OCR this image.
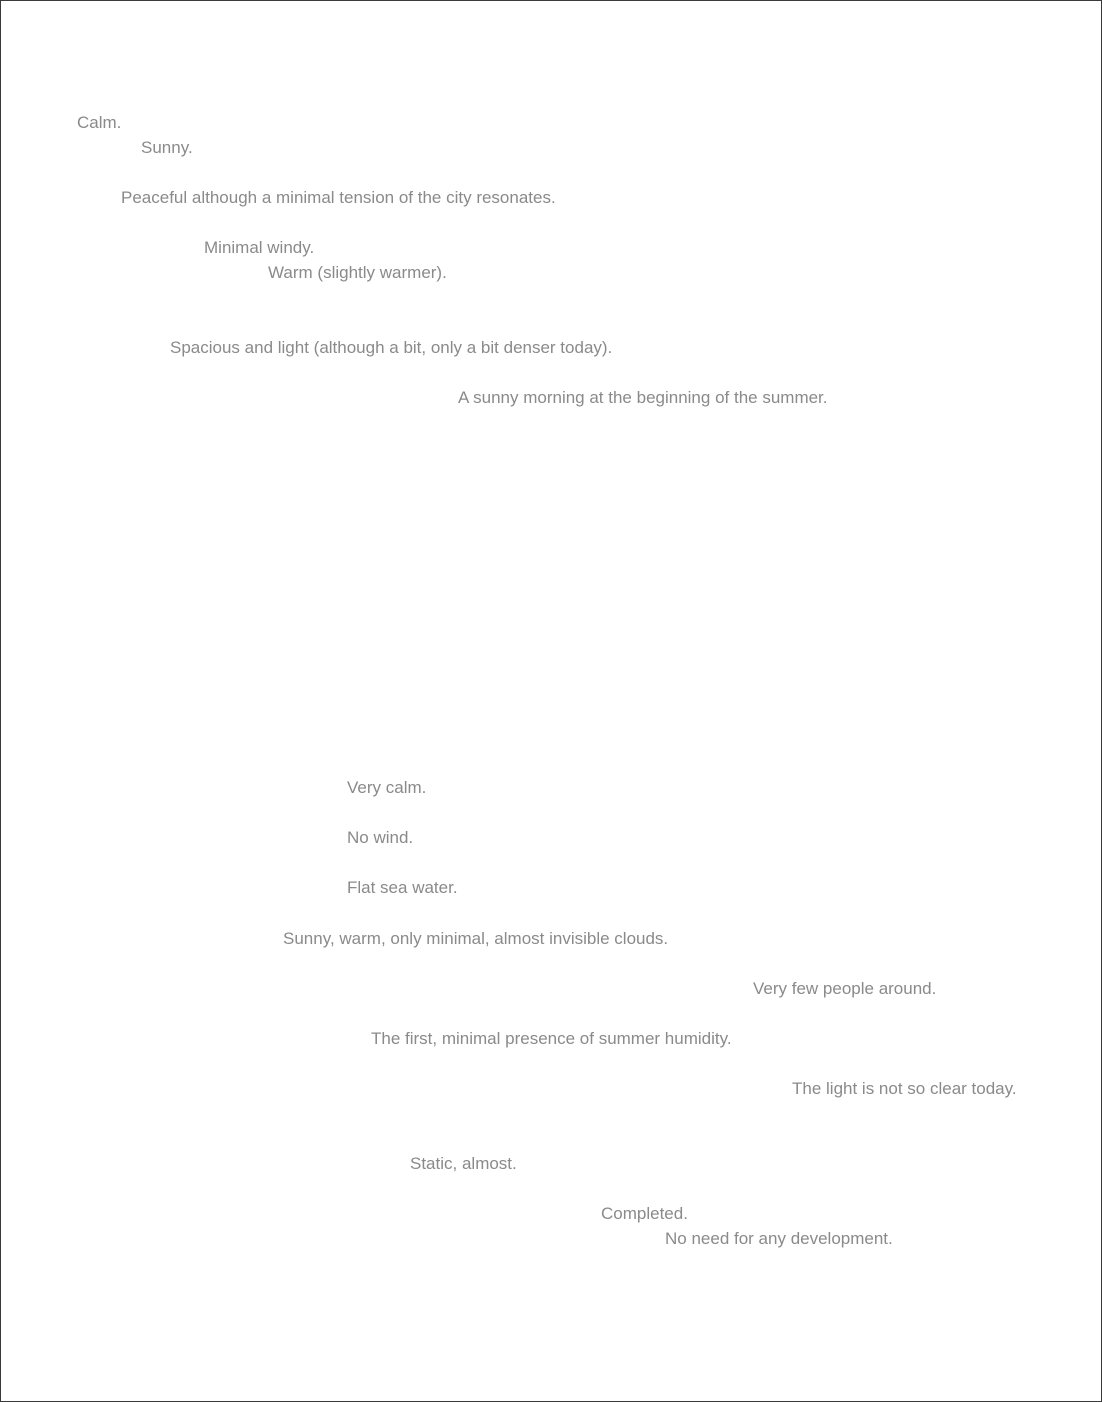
Calm.

Sunny.

Peaceful although a minimal tension of the city resonates.

Minimal windy.

Warm (slightly warmer).

Spacious and light (although a bit, only a bit denser today).

A sunny morning at the beginning of the summer.

Very calm.

No wind.

Flat sea water.

Sunny, warm, only minimal, almost invisible clouds.

Very few people around.

The first, minimal presence of summer humidity.

The light is not so clear today.

Static, almost.

Completed.

No need for any development.
